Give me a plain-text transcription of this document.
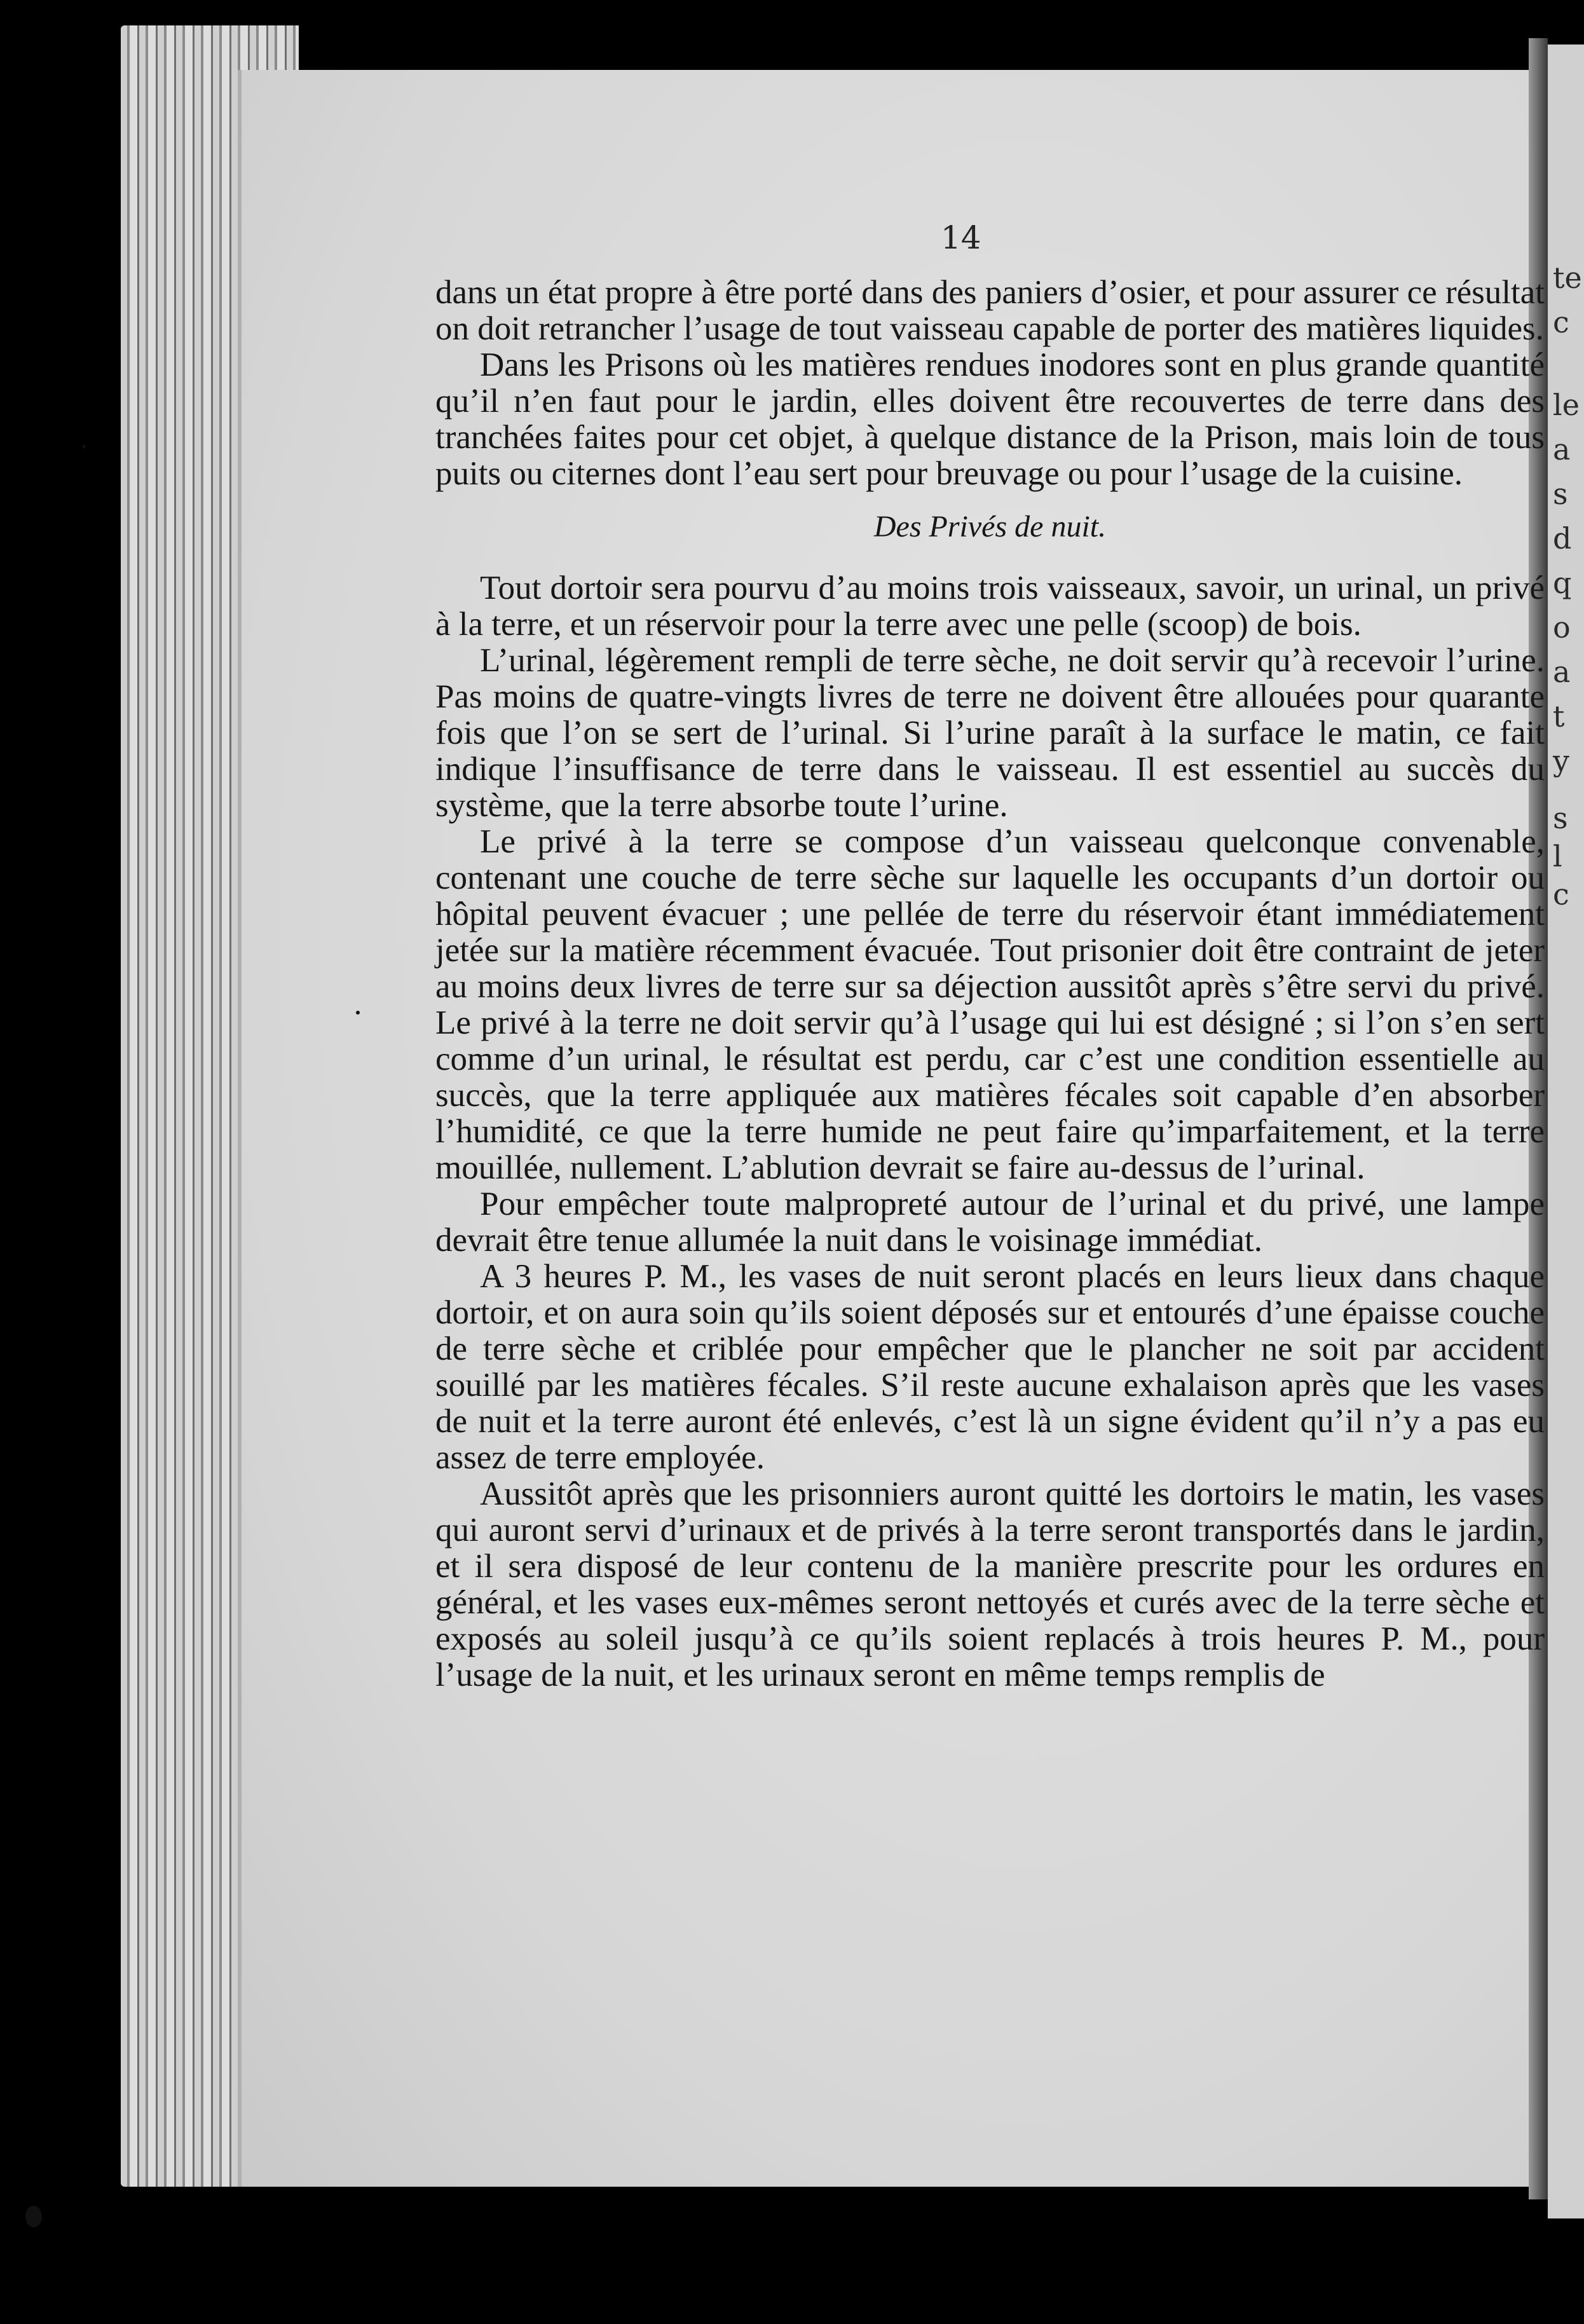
te
c
le
a
s
d
q
o
a
t
y
s
l
c
14

dans un état propre à être porté dans des paniers d’osier, et pour assurer ce résultat on doit retrancher l’usage de tout vaisseau capable de porter des matières liquides.

Dans les Prisons où les matières rendues inodores sont en plus grande quantité qu’il n’en faut pour le jardin, elles doivent être recouvertes de terre dans des tranchées faites pour cet objet, à quelque distance de la Prison, mais loin de tous puits ou citernes dont l’eau sert pour breuvage ou pour l’usage de la cuisine.

Des Privés de nuit.

Tout dortoir sera pourvu d’au moins trois vaisseaux, savoir, un urinal, un privé à la terre, et un réservoir pour la terre avec une pelle (scoop) de bois.

L’urinal, légèrement rempli de terre sèche, ne doit servir qu’à recevoir l’urine. Pas moins de quatre-vingts livres de terre ne doivent être allouées pour quarante fois que l’on se sert de l’urinal. Si l’urine paraît à la surface le matin, ce fait indique l’insuffisance de terre dans le vaisseau. Il est essentiel au succès du système, que la terre absorbe toute l’urine.

Le privé à la terre se compose d’un vaisseau quelconque convenable, contenant une couche de terre sèche sur laquelle les occupants d’un dortoir ou hôpital peuvent évacuer ; une pellée de terre du réservoir étant immédiatement jetée sur la matière récemment évacuée. Tout prisonier doit être contraint de jeter au moins deux livres de terre sur sa déjection aussitôt après s’être servi du privé. Le privé à la terre ne doit servir qu’à l’usage qui lui est désigné ; si l’on s’en sert comme d’un urinal, le résultat est perdu, car c’est une condition essentielle au succès, que la terre appliquée aux matières fécales soit capable d’en absorber l’humidité, ce que la terre humide ne peut faire qu’imparfaitement, et la terre mouillée, nullement. L’ablution devrait se faire au-dessus de l’urinal.

Pour empêcher toute malpropreté autour de l’urinal et du privé, une lampe devrait être tenue allumée la nuit dans le voisinage immédiat.

A 3 heures P. M., les vases de nuit seront placés en leurs lieux dans chaque dortoir, et on aura soin qu’ils soient déposés sur et entourés d’une épaisse couche de terre sèche et criblée pour empêcher que le plancher ne soit par accident souillé par les matières fécales. S’il reste aucune exhalaison après que les vases de nuit et la terre auront été enlevés, c’est là un signe évident qu’il n’y a pas eu assez de terre employée.

Aussitôt après que les prisonniers auront quitté les dortoirs le matin, les vases qui auront servi d’urinaux et de privés à la terre seront transportés dans le jardin, et il sera disposé de leur contenu de la manière prescrite pour les ordures en général, et les vases eux-mêmes seront nettoyés et curés avec de la terre sèche et exposés au soleil jusqu’à ce qu’ils soient replacés à trois heures P. M., pour l’usage de la nuit, et les urinaux seront en même temps remplis de
